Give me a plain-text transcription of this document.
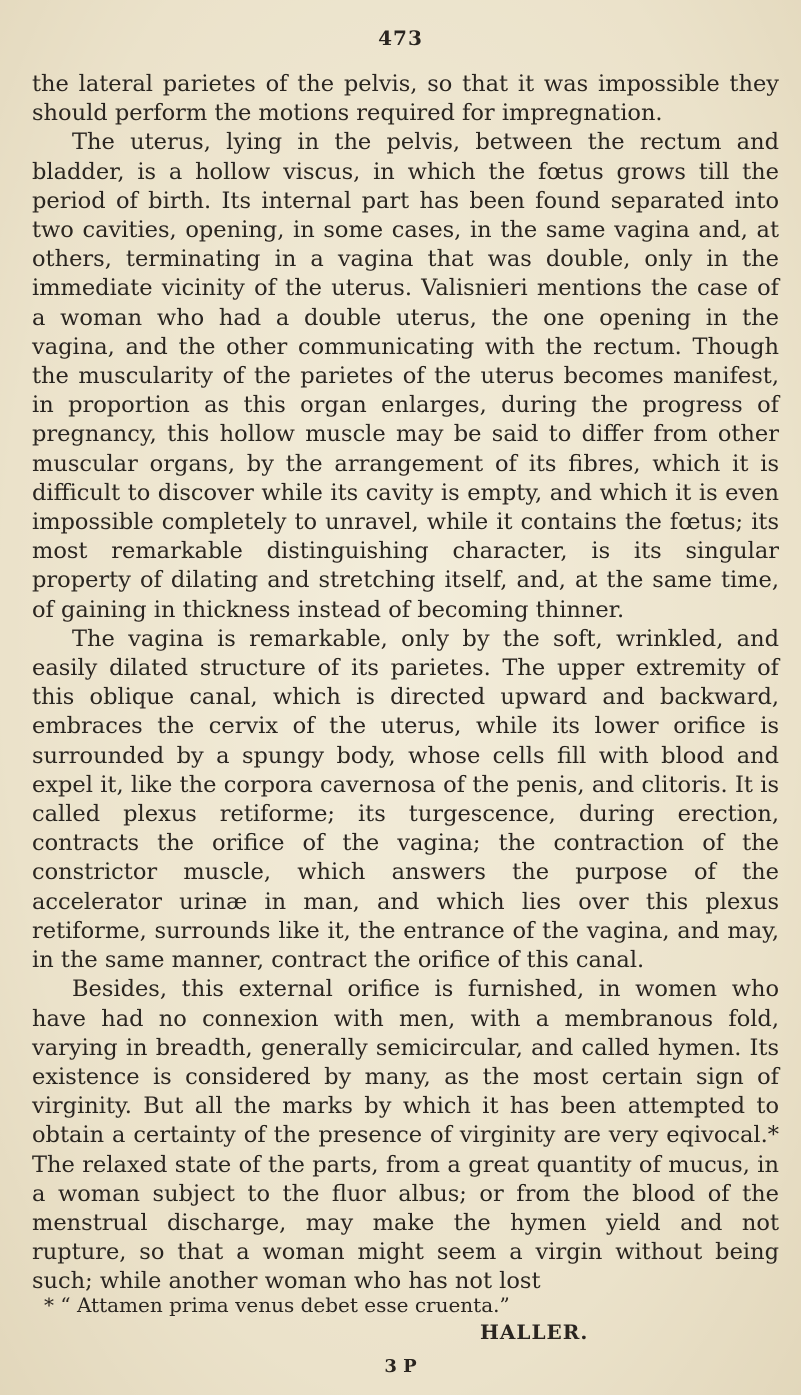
473

the lateral parietes of the pelvis, so that it was impossible they should perform the motions required for impregnation.

The uterus, lying in the pelvis, between the rectum and bladder, is a hollow viscus, in which the fœtus grows till the period of birth. Its internal part has been found separated into two cavities, opening, in some cases, in the same vagina and, at others, terminating in a vagina that was double, only in the immediate vicinity of the uterus. Valisnieri mentions the case of a woman who had a double uterus, the one opening in the vagina, and the other communicating with the rectum. Though the muscularity of the parietes of the uterus becomes manifest, in proportion as this organ enlarges, during the progress of pregnancy, this hollow muscle may be said to differ from other muscular organs, by the arrangement of its fibres, which it is difficult to discover while its cavity is empty, and which it is even impossible completely to unravel, while it contains the fœtus; its most remarkable distinguishing character, is its singular property of dilating and stretching itself, and, at the same time, of gaining in thickness instead of becoming thinner.

The vagina is remarkable, only by the soft, wrinkled, and easily dilated structure of its parietes. The upper extremity of this oblique canal, which is directed upward and backward, embraces the cervix of the uterus, while its lower orifice is surrounded by a spungy body, whose cells fill with blood and expel it, like the corpora cavernosa of the penis, and clitoris. It is called plexus retiforme; its turgescence, during erection, contracts the orifice of the vagina; the contraction of the constrictor muscle, which answers the purpose of the accelerator urinæ in man, and which lies over this plexus retiforme, surrounds like it, the entrance of the vagina, and may, in the same manner, contract the orifice of this canal.

Besides, this external orifice is furnished, in women who have had no connexion with men, with a membranous fold, varying in breadth, generally semicircular, and called hymen. Its existence is considered by many, as the most certain sign of virginity. But all the marks by which it has been attempted to obtain a certainty of the presence of virginity are very eqivocal.* The relaxed state of the parts, from a great quantity of mucus, in a woman subject to the fluor albus; or from the blood of the menstrual discharge, may make the hymen yield and not rupture, so that a woman might seem a virgin without being such; while another woman who has not lost

* “ Attamen prima venus debet esse cruenta.”
HALLER.
3 P
